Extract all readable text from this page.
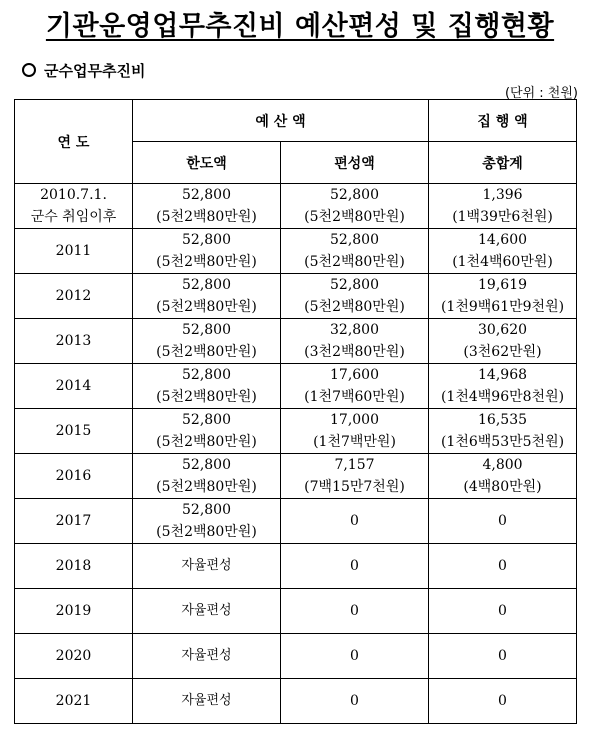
기관운영업무추진비 예산편성 및 집행현황
군수업무추진비
(단위 : 천원)
연 도	예 산 액		집 행 액
	한도액	편성액	총합계

2010.7.1.
군수 취임이후	52,800
(5천2백80만원)	52,800
(5천2백80만원)	1,396
(1백39만6천원)

2011	52,800
(5천2백80만원)	52,800
(5천2백80만원)	14,600
(1천4백60만원)

2012	52,800
(5천2백80만원)	52,800
(5천2백80만원)	19,619
(1천9백61만9천원)

2013	52,800
(5천2백80만원)	32,800
(3천2백80만원)	30,620
(3천62만원)

2014	52,800
(5천2백80만원)	17,600
(1천7백60만원)	14,968
(1천4백96만8천원)

2015	52,800
(5천2백80만원)	17,000
(1천7백만원)	16,535
(1천6백53만5천원)

2016	52,800
(5천2백80만원)	7,157
(7백15만7천원)	4,800
(4백80만원)

2017	52,800
(5천2백80만원)	0	0

2018	자율편성	0	0

2019	자율편성	0	0

2020	자율편성	0	0

2021	자율편성	0	0
